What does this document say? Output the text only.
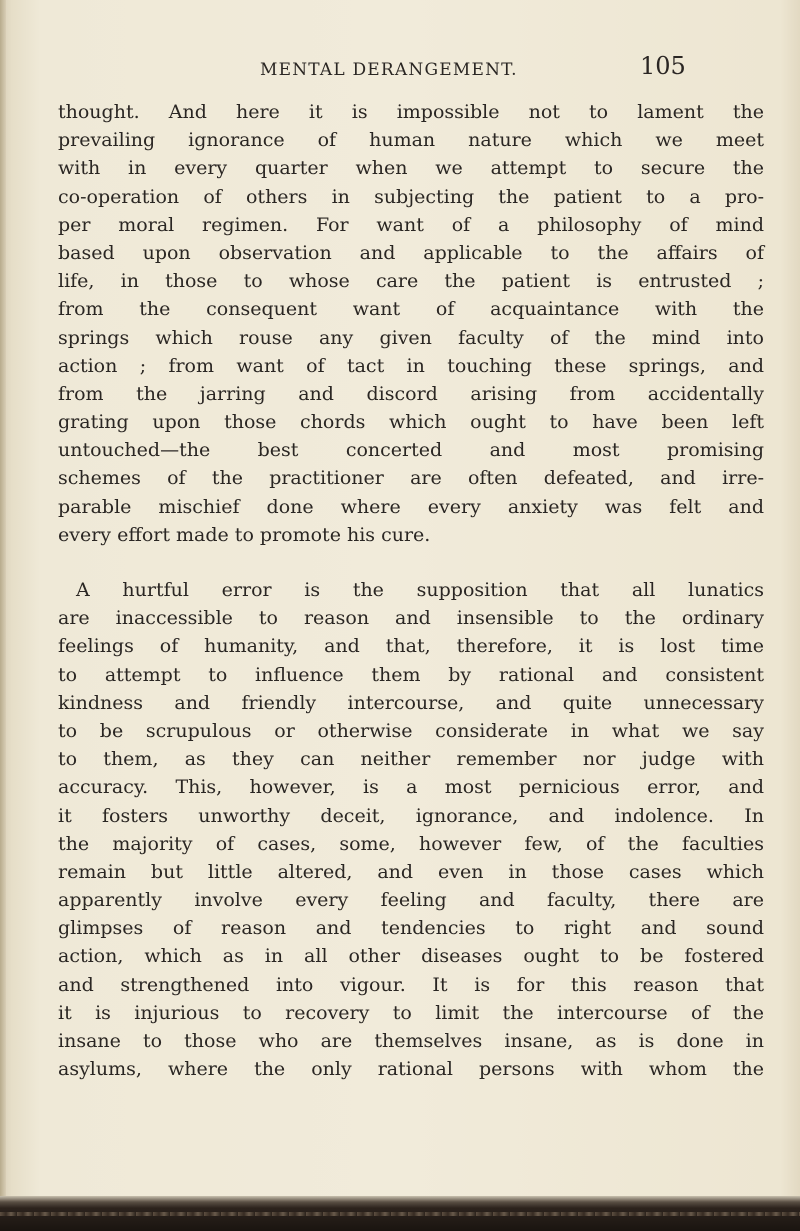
MENTAL DERANGEMENT.	105
thought. And here it is impossible not to lament the
prevailing ignorance of human nature which we meet
with in every quarter when we attempt to secure the
co-operation of others in subjecting the patient to a pro-
per moral regimen. For want of a philosophy of mind
based upon observation and applicable to the affairs of
life, in those to whose care the patient is entrusted ;
from the consequent want of acquaintance with the
springs which rouse any given faculty of the mind into
action ; from want of tact in touching these springs, and
from the jarring and discord arising from accidentally
grating upon those chords which ought to have been left
untouched—the best concerted and most promising
schemes of the practitioner are often defeated, and irre-
parable mischief done where every anxiety was felt and
every effort made to promote his cure.
A hurtful error is the supposition that all lunatics
are inaccessible to reason and insensible to the ordinary
feelings of humanity, and that, therefore, it is lost time
to attempt to influence them by rational and consistent
kindness and friendly intercourse, and quite unnecessary
to be scrupulous or otherwise considerate in what we say
to them, as they can neither remember nor judge with
accuracy. This, however, is a most pernicious error, and
it fosters unworthy deceit, ignorance, and indolence. In
the majority of cases, some, however few, of the faculties
remain but little altered, and even in those cases which
apparently involve every feeling and faculty, there are
glimpses of reason and tendencies to right and sound
action, which as in all other diseases ought to be fostered
and strengthened into vigour. It is for this reason that
it is injurious to recovery to limit the intercourse of the
insane to those who are themselves insane, as is done in
asylums, where the only rational persons with whom the
